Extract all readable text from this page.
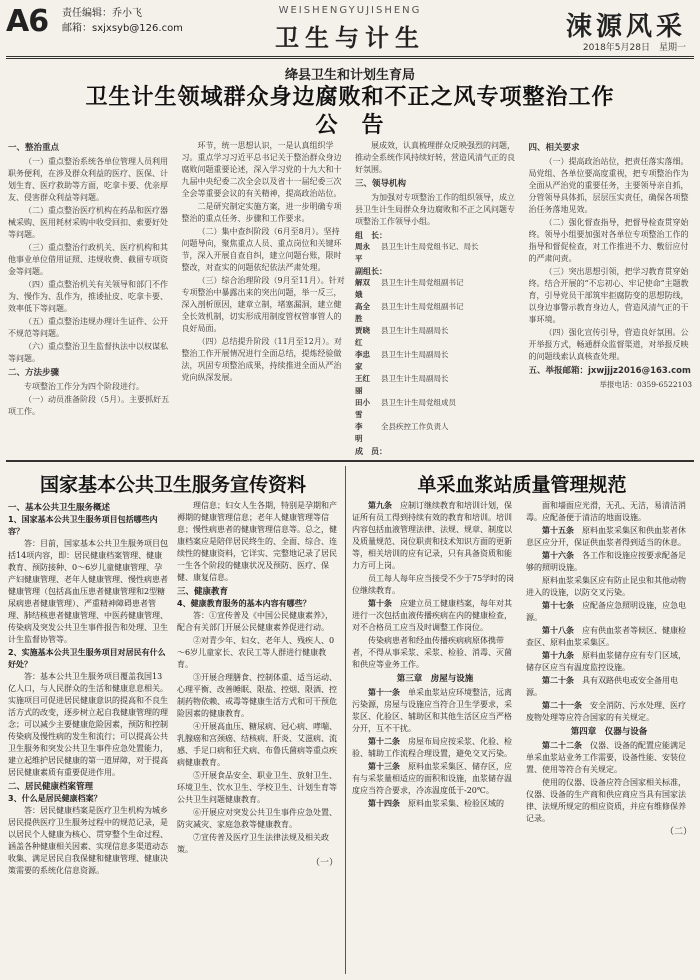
A6 责任编辑：乔小飞
邮箱：sxjxsyb@126.com
WEISHENGYUJISHENG
卫生与计生	涑源风采
2018年5月28日　星期一
绛县卫生和计划生育局
卫生计生领域群众身边腐败和不正之风专项整治工作
公　告
一、整治重点

（一）重点整治系统各单位管理人员利用职务便利，在涉及群众利益的医疗、医保、计划生育、医疗救助等方面，吃拿卡要、优亲厚友、侵害群众利益等问题。

（二）重点整治医疗机构在药品和医疗器械采购、医用耗材采购中收受回扣、索要好处等问题。

（三）重点整治行政机关、医疗机构和其他事业单位借用证照、违规收费、截留专项资金等问题。

（四）重点整治机关有关领导和部门不作为、慢作为、乱作为，推诿扯皮、吃拿卡要、效率低下等问题。

（五）重点整治违规办理计生证件、公开不规范等问题。

（六）重点整治卫生监督执法中以权谋私等问题。

二、方法步骤

专项整治工作分为四个阶段进行。

（一）动员准备阶段（5月）。主要抓好五项工作。

环节，统一思想认识，一是认真组织学习。重点学习习近平总书记关于整治群众身边腐败问题重要论述，深入学习党的十九大和十九届中央纪委二次全会以及省十一届纪委三次全会等重要会议的有关精神，提高政治站位。

二是研究制定实施方案，进一步明确专项整治的重点任务、步骤和工作要求。

（二）集中查纠阶段（6月至8月）。坚持问题导向，聚焦重点人员、重点岗位和关键环节，深入开展自查自纠，建立问题台账，限时整改，对查实的问题依纪依法严肃处理。

（三）综合治理阶段（9月至11月）。针对专项整治中暴露出来的突出问题，举一反三，深入剖析原因，建章立制，堵塞漏洞，建立健全长效机制，切实形成用制度管权管事管人的良好局面。

（四）总结提升阶段（11月至12月）。对整治工作开展情况进行全面总结，提炼经验做法，巩固专项整治成果，持续推进全面从严治党向纵深发展。

展成效，认真梳理群众反映强烈的问题，推动全系统作风持续好转，营造风清气正的良好氛围。

三、领导机构

为加强对专项整治工作的组织领导，成立县卫生计生局群众身边腐败和不正之风问题专项整治工作领导小组。

组　长：
周永平
县卫生计生局党组书记、局长
副组长：
解双娥
县卫生计生局党组副书记
高全胜
县卫生计生局党组副书记
贾晓红
县卫生计生局副局长
李忠家
县卫生计生局副局长
王红丽
县卫生计生局副局长
田小雪
县卫生计生局党组成员
李　明
全县疾控工作负责人
成　员：

四、相关要求

（一）提高政治站位，把责任落实落细。局党组、各单位要高度重视，把专项整治作为全面从严治党的重要任务，主要领导亲自抓，分管领导具体抓，层层压实责任，确保各项整治任务落地见效。

（二）强化督查指导，把督导检查贯穿始终。领导小组要加强对各单位专项整治工作的指导和督促检查，对工作推进不力、敷衍应付的严肃问责。

（三）突出思想引领，把学习教育贯穿始终。结合开展的“不忘初心、牢记使命”主题教育，引导党员干部筑牢拒腐防变的思想防线，以身边事警示教育身边人，营造风清气正的干事环境。

（四）强化宣传引导，营造良好氛围。公开举报方式，畅通群众监督渠道，对举报反映的问题线索认真核查处理。

五、举报邮箱：jxwjjjz2016@163.com
举报电话：0359-6522103
国家基本公共卫生服务宣传资料
一、基本公共卫生服务概述
1、国家基本公共卫生服务项目包括哪些内容？

答：目前，国家基本公共卫生服务项目包括14项内容，即：居民健康档案管理、健康教育、预防接种、0～6岁儿童健康管理、孕产妇健康管理、老年人健康管理、慢性病患者健康管理（包括高血压患者健康管理和2型糖尿病患者健康管理）、严重精神障碍患者管理、肺结核患者健康管理、中医药健康管理、传染病及突发公共卫生事件报告和处理、卫生计生监督协管等。

2、实施基本公共卫生服务项目对居民有什么好处？

答：基本公共卫生服务项目覆盖我国13亿人口，与人民群众的生活和健康息息相关。实施项目可促进居民健康意识的提高和不良生活方式的改变，逐步树立起自我健康管理的理念；可以减少主要健康危险因素，预防和控制传染病及慢性病的发生和流行；可以提高公共卫生服务和突发公共卫生事件应急处置能力，建立起维护居民健康的第一道屏障，对于提高居民健康素质有重要促进作用。

二、居民健康档案管理
3、什么是居民健康档案？

答：居民健康档案是医疗卫生机构为城乡居民提供医疗卫生服务过程中的规范记录，是以居民个人健康为核心、贯穿整个生命过程、涵盖各种健康相关因素、实现信息多渠道动态收集、满足居民自我保健和健康管理、健康决策需要的系统化信息资源。

理信息；妇女人生各期，特别是孕期和产褥期的健康管理信息；老年人健康管理等信息；慢性病患者的健康管理信息等。总之，健康档案应是陪伴居民终生的、全面、综合、连续性的健康资料，它详实、完整地记录了居民一生各个阶段的健康状况及预防、医疗、保健、康复信息。

三、健康教育
4、健康教育服务的基本内容有哪些？

答：①宣传普及《中国公民健康素养》，配合有关部门开展公民健康素养促进行动。

②对青少年、妇女、老年人、残疾人、0～6岁儿童家长、农民工等人群进行健康教育。

③开展合理膳食、控制体重、适当运动、心理平衡、改善睡眠、限盐、控烟、限酒、控制药物依赖、戒毒等健康生活方式和可干预危险因素的健康教育。

④开展高血压、糖尿病、冠心病、哮喘、乳腺癌和宫颈癌、结核病、肝炎、艾滋病、流感、手足口病和狂犬病、布鲁氏菌病等重点疾病健康教育。

⑤开展食品安全、职业卫生、放射卫生、环境卫生、饮水卫生、学校卫生、计划生育等公共卫生问题健康教育。

⑥开展应对突发公共卫生事件应急处置、防灾减灾、家庭急救等健康教育。

⑦宣传普及医疗卫生法律法规及相关政策。

（一）
单采血浆站质量管理规范

第九条　应制订继续教育和培训计划，保证所有员工得到持续有效的教育和培训。培训内容包括血液管理法律、法规、规章、制度以及质量规范、岗位职责和技术知识方面的更新等，相关培训的应有记录，只有具备资质和能力方可上岗。

员工每人每年应当接受不少于75学时的岗位继续教育。

第十条　应建立员工健康档案，每年对其进行一次包括血液传播疾病在内的健康检查，对不合格员工应当及时调整工作岗位。

传染病患者和经血传播疾病病原体携带者，不得从事采浆、采浆、检验、消毒、灭菌和供应等业务工作。

第三章　房屋与设施

第十一条　单采血浆站应环境整洁，远离污染源，房屋与设施应当符合卫生学要求，采浆区、化验区、辅助区和其他生活区应当严格分开，互不干扰。

第十二条　房屋布局应按采浆、化验、检验、辅助工作流程合理设置，避免交叉污染。

第十三条　原料血浆采集区、储存区，应有与采浆量相适应的面积和设施，血浆储存温度应当符合要求，冷冻温度低于-20℃。

第十四条　原料血浆采集、检验区域的

面和墙面应光滑，无孔、无洁，易清洁消毒。应配备便于清洁的地面设施。

第十五条　原料血浆采集区和供血浆者休息区应分开，保证供血浆者得到适当的休息。

第十六条　各工作和设施应按要求配备足够的照明设施。

原料血浆采集区应有防止昆虫和其他动物进入的设施，以防交叉污染。

第十七条　应配备应急照明设施，应急电源。

第十八条　应有供血浆者等候区、健康检查区、原料血浆采集区。

第十九条　原料血浆储存应有专门区域，储存区应当有温度监控设施。

第二十条　具有双路供电或安全备用电源。

第二十一条　安全消防、污水处理、医疗废物处理等应符合国家的有关规定。

第四章　仪器与设备

第二十二条　仪器、设备的配置应能满足单采血浆站业务工作需要，设备性能、安装位置、使用等符合有关规定。

使用的仪器、设备应符合国家相关标准，仪器、设备的生产商和供应商应当具有国家法律、法规所规定的相应资质，并应有维修保养记录。

（二）
